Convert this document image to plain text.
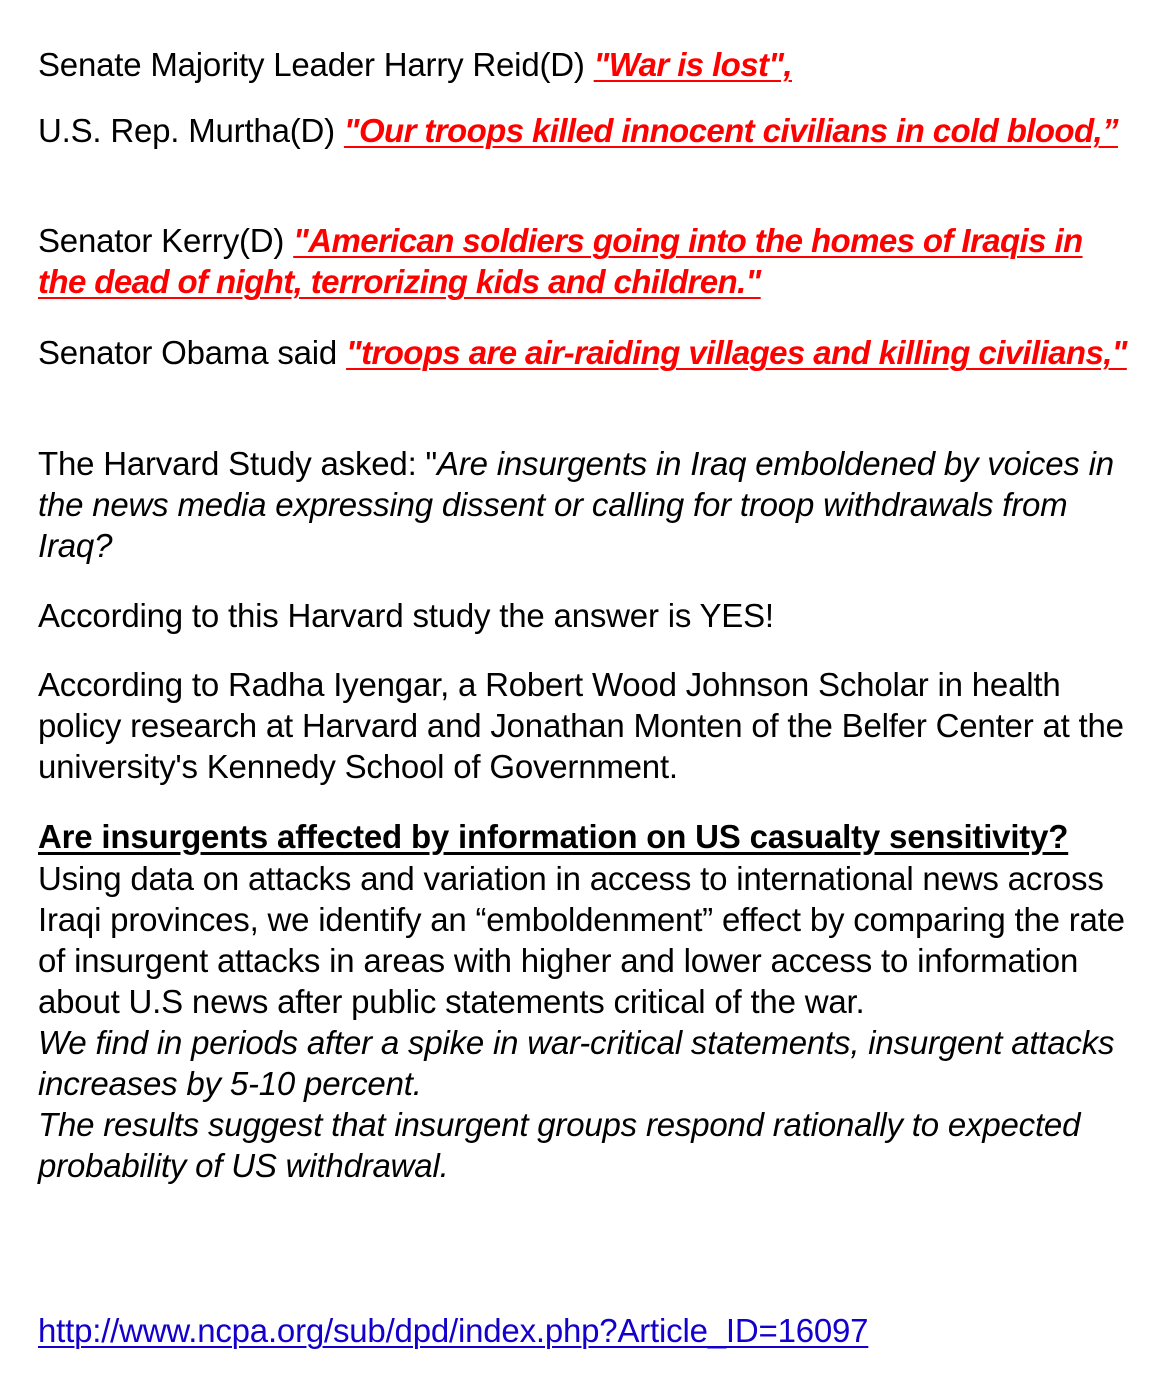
Senate Majority Leader Harry Reid(D) "War is lost",

U.S. Rep. Murtha(D) "Our troops killed innocent civilians in cold blood,”

Senator Kerry(D) "American soldiers going into the homes of Iraqis in the dead of night, terrorizing kids and children."

Senator Obama said "troops are air-raiding villages and killing civilians,"

The Harvard Study asked: "Are insurgents in Iraq emboldened by voices in the news media expressing dissent or calling for troop withdrawals from Iraq?

According to this Harvard study the answer is YES!

According to Radha Iyengar, a Robert Wood Johnson Scholar in health policy research at Harvard and Jonathan Monten of the Belfer Center at the university's Kennedy School of Government.

Are insurgents affected by information on US casualty sensitivity?
Using data on attacks and variation in access to international news across Iraqi provinces, we identify an “emboldenment” effect by comparing the rate of insurgent attacks in areas with higher and lower access to information about U.S news after public statements critical of the war.
We find in periods after a spike in war-critical statements, insurgent attacks increases by 5-10 percent.
The results suggest that insurgent groups respond rationally to expected probability of US withdrawal.
http://www.ncpa.org/sub/dpd/index.php?Article_ID=16097
